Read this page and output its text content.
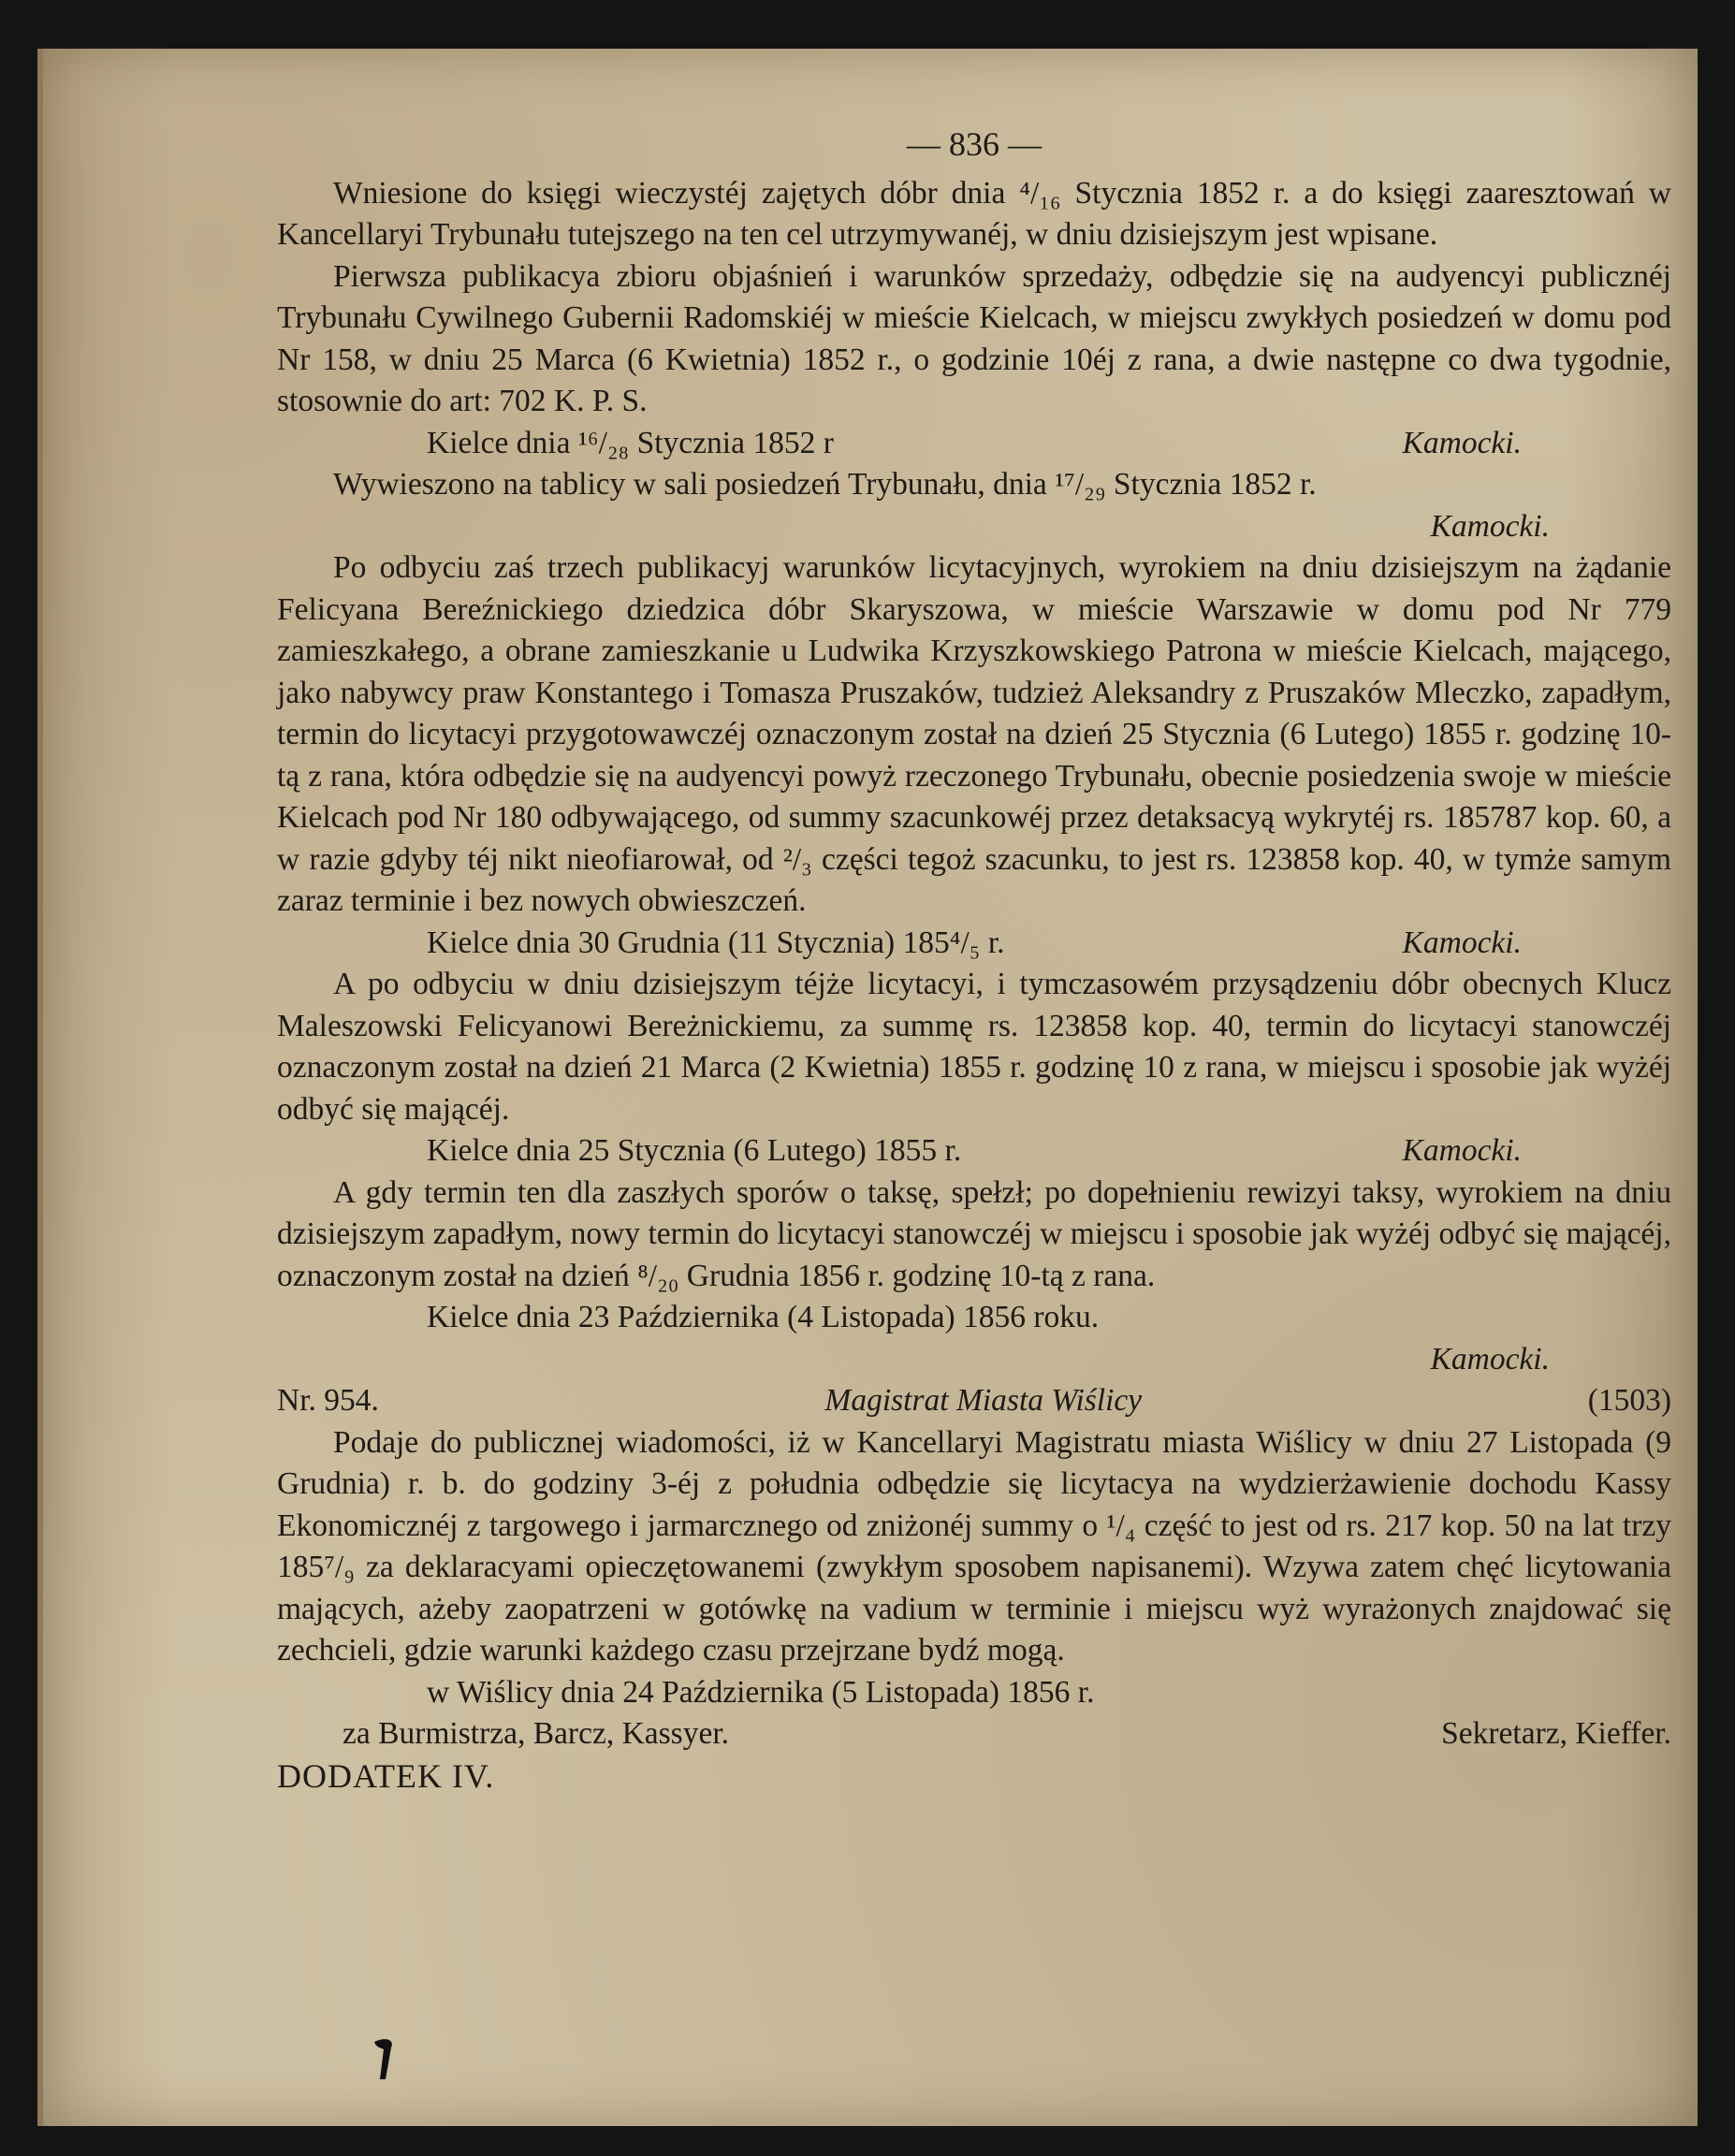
— 836 —

Wniesione do księgi wieczystéj zajętych dóbr dnia ⁴/₁₆ Stycznia 1852 r. a do księgi zaaresztowań w Kancellaryi Trybunału tutejszego na ten cel utrzymywanéj, w dniu dzisiejszym jest wpisane.

Pierwsza publikacya zbioru objaśnień i warunków sprzedaży, odbędzie się na audyencyi publicznéj Trybunału Cywilnego Gubernii Radomskiéj w mieście Kielcach, w miejscu zwykłych posiedzeń w domu pod Nr 158, w dniu 25 Marca (6 Kwietnia) 1852 r., o godzinie 10éj z rana, a dwie następne co dwa tygodnie, stosownie do art: 702 K. P. S.

Kielce dnia ¹⁶/₂₈ Stycznia 1852 r	Kamocki.

Wywieszono na tablicy w sali posiedzeń Trybunału, dnia ¹⁷/₂₉ Stycznia 1852 r.

Kamocki.

Po odbyciu zaś trzech publikacyj warunków licytacyjnych, wyrokiem na dniu dzisiejszym na żądanie Felicyana Bereźnickiego dziedzica dóbr Skaryszowa, w mieście Warszawie w domu pod Nr 779 zamieszkałego, a obrane zamieszkanie u Ludwika Krzyszkowskiego Patrona w mieście Kielcach, mającego, jako nabywcy praw Konstantego i Tomasza Pruszaków, tudzież Aleksandry z Pruszaków Mleczko, zapadłym, termin do licytacyi przygotowawczéj oznaczonym został na dzień 25 Stycznia (6 Lutego) 1855 r. godzinę 10-tą z rana, która odbędzie się na audyencyi powyż rzeczonego Trybunału, obecnie posiedzenia swoje w mieście Kielcach pod Nr 180 odbywającego, od summy szacunkowéj przez detaksacyą wykrytéj rs. 185787 kop. 60, a w razie gdyby téj nikt nieofiarował, od ²/₃ części tegoż szacunku, to jest rs. 123858 kop. 40, w tymże samym zaraz terminie i bez nowych obwieszczeń.

Kielce dnia 30 Grudnia (11 Stycznia) 185⁴/₅ r.	Kamocki.

A po odbyciu w dniu dzisiejszym téjże licytacyi, i tymczasowém przysądzeniu dóbr obecnych Klucz Maleszowski Felicyanowi Bereżnickiemu, za summę rs. 123858 kop. 40, termin do licytacyi stanowczéj oznaczonym został na dzień 21 Marca (2 Kwietnia) 1855 r. godzinę 10 z rana, w miejscu i sposobie jak wyżéj odbyć się mającéj.

Kielce dnia 25 Stycznia (6 Lutego) 1855 r.	Kamocki.

A gdy termin ten dla zaszłych sporów o taksę, spełzł; po dopełnieniu rewizyi taksy, wyrokiem na dniu dzisiejszym zapadłym, nowy termin do licytacyi stanowczéj w miejscu i sposobie jak wyżéj odbyć się mającéj, oznaczonym został na dzień ⁸/₂₀ Grudnia 1856 r. godzinę 10-tą z rana.

Kielce dnia 23 Października (4 Listopada) 1856 roku.

Kamocki.

Nr. 954.	Magistrat Miasta Wiślicy	(1503)

Podaje do publicznej wiadomości, iż w Kancellaryi Magistratu miasta Wiślicy w dniu 27 Listopada (9 Grudnia) r. b. do godziny 3-éj z południa odbędzie się licytacya na wydzierżawienie dochodu Kassy Ekonomicznéj z targowego i jarmarcznego od zniżonéj summy o ¹/₄ część to jest od rs. 217 kop. 50 na lat trzy 185⁷/₉ za deklaracyami opieczętowanemi (zwykłym sposobem napisanemi). Wzywa zatem chęć licytowania mających, ażeby zaopatrzeni w gotówkę na vadium w terminie i miejscu wyż wyrażonych znajdować się zechcieli, gdzie warunki każdego czasu przejrzane bydź mogą.

w Wiślicy dnia 24 Października (5 Listopada) 1856 r.

za Burmistrza, Barcz, Kassyer.	Sekretarz, Kieffer.

DODATEK IV.
